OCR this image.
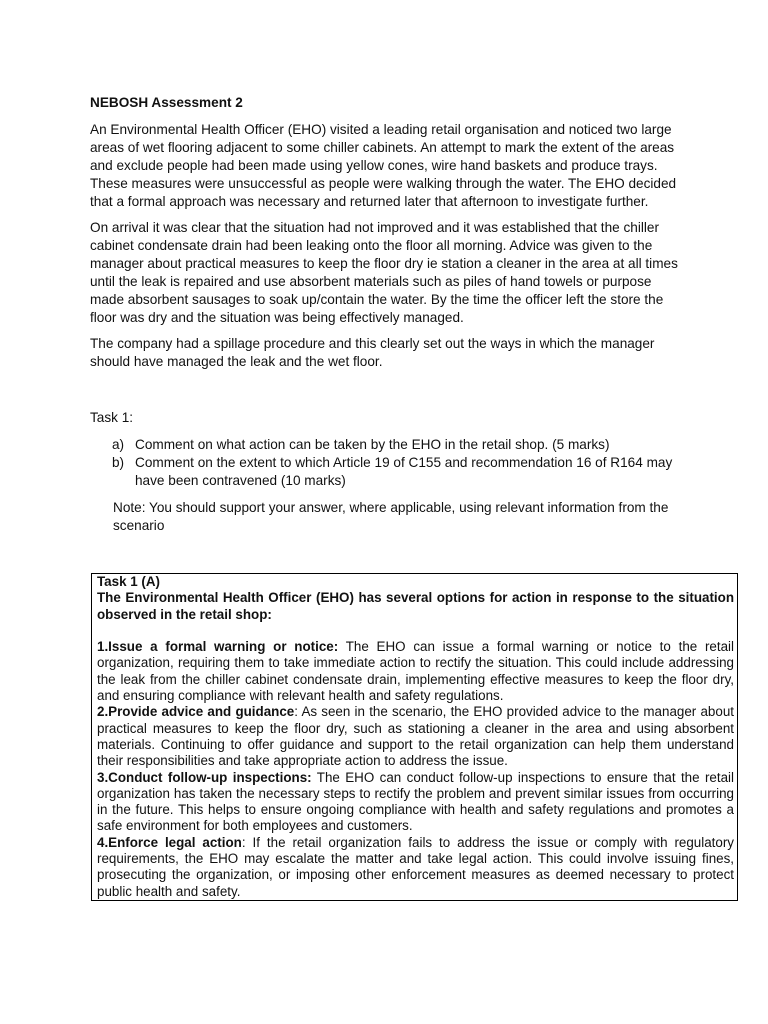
NEBOSH Assessment 2

An Environmental Health Officer (EHO) visited a leading retail organisation and noticed two large areas of wet flooring adjacent to some chiller cabinets. An attempt to mark the extent of the areas and exclude people had been made using yellow cones, wire hand baskets and produce trays. These measures were unsuccessful as people were walking through the water. The EHO decided that a formal approach was necessary and returned later that afternoon to investigate further.

On arrival it was clear that the situation had not improved and it was established that the chiller cabinet condensate drain had been leaking onto the floor all morning. Advice was given to the manager about practical measures to keep the floor dry ie station a cleaner in the area at all times until the leak is repaired and use absorbent materials such as piles of hand towels or purpose made absorbent sausages to soak up/contain the water. By the time the officer left the store the floor was dry and the situation was being effectively managed.

The company had a spillage procedure and this clearly set out the ways in which the manager should have managed the leak and the wet floor.

Task 1:

a) Comment on what action can be taken by the EHO in the retail shop. (5 marks)
b) Comment on the extent to which Article 19 of C155 and recommendation 16 of R164 may have been contravened (10 marks)

Note: You should support your answer, where applicable, using relevant information from the scenario

Task 1 (A)

The Environmental Health Officer (EHO) has several options for action in response to the situation observed in the retail shop:

1.Issue a formal warning or notice: The EHO can issue a formal warning or notice to the retail organization, requiring them to take immediate action to rectify the situation. This could include addressing the leak from the chiller cabinet condensate drain, implementing effective measures to keep the floor dry, and ensuring compliance with relevant health and safety regulations.

2.Provide advice and guidance: As seen in the scenario, the EHO provided advice to the manager about practical measures to keep the floor dry, such as stationing a cleaner in the area and using absorbent materials. Continuing to offer guidance and support to the retail organization can help them understand their responsibilities and take appropriate action to address the issue.

3.Conduct follow-up inspections: The EHO can conduct follow-up inspections to ensure that the retail organization has taken the necessary steps to rectify the problem and prevent similar issues from occurring in the future. This helps to ensure ongoing compliance with health and safety regulations and promotes a safe environment for both employees and customers.

4.Enforce legal action: If the retail organization fails to address the issue or comply with regulatory requirements, the EHO may escalate the matter and take legal action. This could involve issuing fines, prosecuting the organization, or imposing other enforcement measures as deemed necessary to protect public health and safety.
